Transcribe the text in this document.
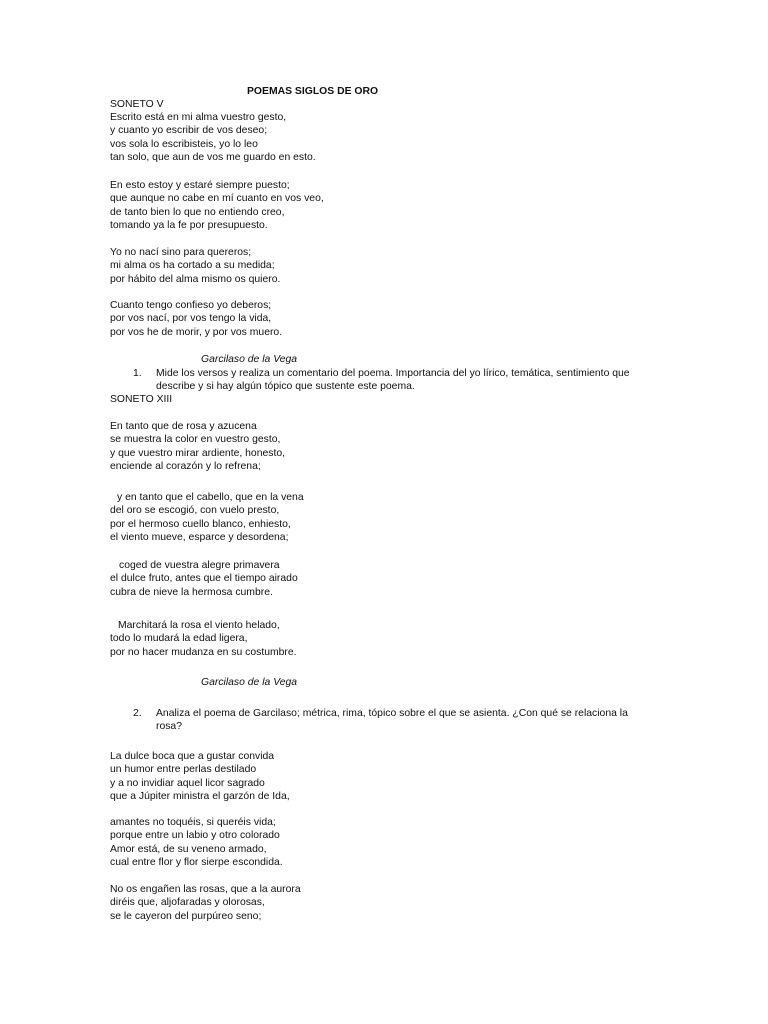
POEMAS SIGLOS DE ORO
SONETO V
Escrito está en mi alma vuestro gesto,
y cuanto yo escribir de vos deseo;
vos sola lo escribisteis, yo lo leo
tan solo, que aun de vos me guardo en esto.
En esto estoy y estaré siempre puesto;
que aunque no cabe en mí cuanto en vos veo,
de tanto bien lo que no entiendo creo,
tomando ya la fe por presupuesto.
Yo no nací sino para quereros;
mi alma os ha cortado a su medida;
por hábito del alma mismo os quiero.
Cuanto tengo confieso yo deberos;
por vos nací, por vos tengo la vida,
por vos he de morir, y por vos muero.
Garcilaso de la Vega
1. Mide los versos y realiza un comentario del poema. Importancia del yo lírico, temática, sentimiento que
describe y si hay algún tópico que sustente este poema.
SONETO XIII
En tanto que de rosa y azucena
se muestra la color en vuestro gesto,
y que vuestro mirar ardiente, honesto,
enciende al corazón y lo refrena;
y en tanto que el cabello, que en la vena
del oro se escogió, con vuelo presto,
por el hermoso cuello blanco, enhiesto,
el viento mueve, esparce y desordena;
coged de vuestra alegre primavera
el dulce fruto, antes que el tiempo airado
cubra de nieve la hermosa cumbre.
Marchitará la rosa el viento helado,
todo lo mudará la edad ligera,
por no hacer mudanza en su costumbre.
Garcilaso de la Vega
2. Analiza el poema de Garcilaso; métrica, rima, tópico sobre el que se asienta. ¿Con qué se relaciona la
rosa?
La dulce boca que a gustar convida
un humor entre perlas destilado
y a no invidiar aquel licor sagrado
que a Júpiter ministra el garzón de Ida,
amantes no toquéis, si queréis vida;
porque entre un labio y otro colorado
Amor está, de su veneno armado,
cual entre flor y flor sierpe escondida.
No os engañen las rosas, que a la aurora
diréis que, aljofaradas y olorosas,
se le cayeron del purpúreo seno;
